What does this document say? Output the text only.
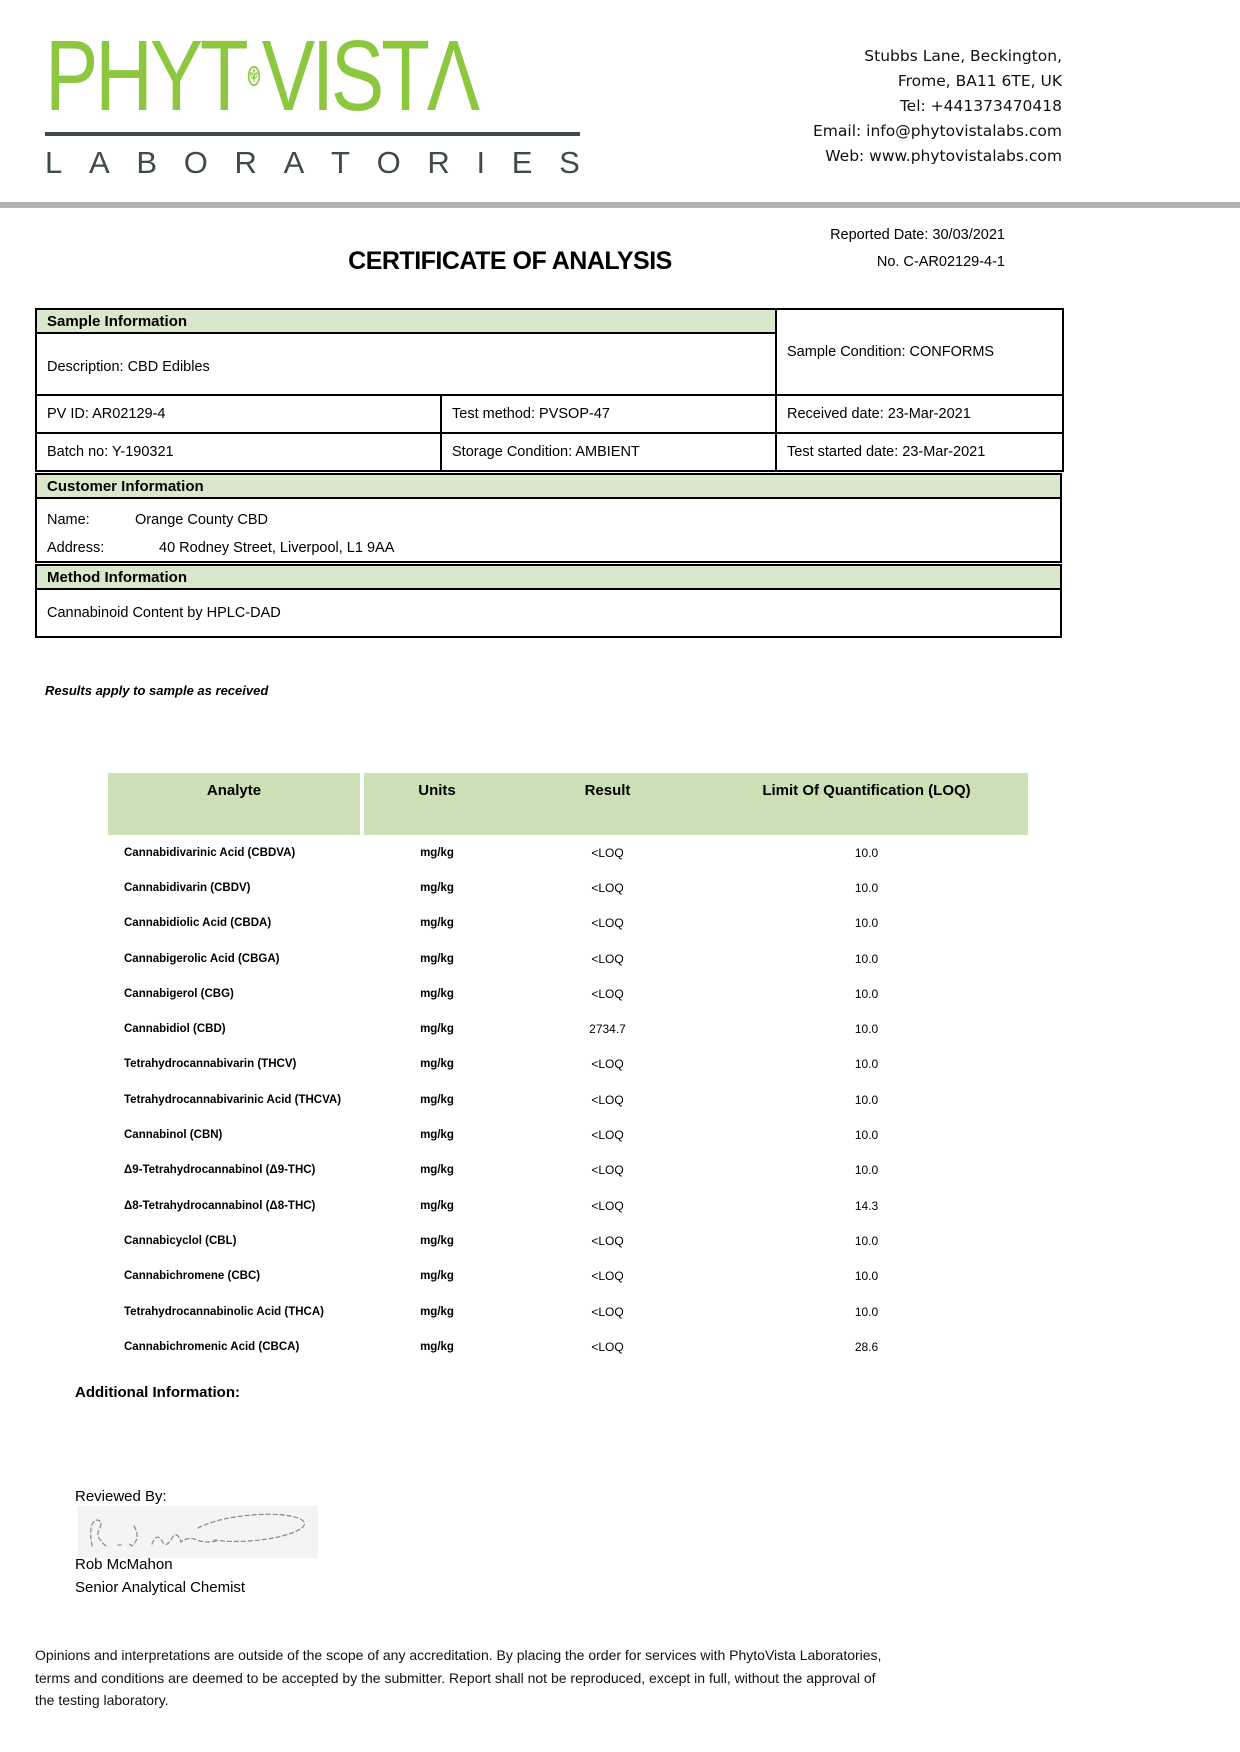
PHYT VIST Λ
L A B O R A T O R I E S
Stubbs Lane, Beckington,
Frome, BA11 6TE, UK
Tel: +441373470418
Email: info@phytovistalabs.com
Web: www.phytovistalabs.com
Reported Date: 30/03/2021
No. C-AR02129-4-1
CERTIFICATE OF ANALYSIS
Sample Information		Sample Condition: CONFORMS
Description: CBD Edibles		
PV ID: AR02129-4	Test method: PVSOP-47	Received date: 23-Mar-2021
Batch no: Y-190321	Storage Condition: AMBIENT	Test started date: 23-Mar-2021
Customer Information

Name:	Orange County CBD
Address:	40 Rodney Street, Liverpool, L1 9AA
Method Information
Cannabinoid Content by HPLC-DAD
Results apply to sample as received
Analyte	Units	Result	Limit Of Quantification (LOQ)
Cannabidivarinic Acid (CBDVA)	mg/kg	<LOQ	10.0
Cannabidivarin (CBDV)	mg/kg	<LOQ	10.0
Cannabidiolic Acid (CBDA)	mg/kg	<LOQ	10.0
Cannabigerolic Acid (CBGA)	mg/kg	<LOQ	10.0
Cannabigerol (CBG)	mg/kg	<LOQ	10.0
Cannabidiol (CBD)	mg/kg	2734.7	10.0
Tetrahydrocannabivarin (THCV)	mg/kg	<LOQ	10.0
Tetrahydrocannabivarinic Acid (THCVA)	mg/kg	<LOQ	10.0
Cannabinol (CBN)	mg/kg	<LOQ	10.0
Δ9-Tetrahydrocannabinol (Δ9-THC)	mg/kg	<LOQ	10.0
Δ8-Tetrahydrocannabinol (Δ8-THC)	mg/kg	<LOQ	14.3
Cannabicyclol (CBL)	mg/kg	<LOQ	10.0
Cannabichromene (CBC)	mg/kg	<LOQ	10.0
Tetrahydrocannabinolic Acid (THCA)	mg/kg	<LOQ	10.0
Cannabichromenic Acid (CBCA)	mg/kg	<LOQ	28.6
Additional Information:
Reviewed By:
Rob McMahon
Senior Analytical Chemist
Opinions and interpretations are outside of the scope of any accreditation. By placing the order for services with PhytoVista Laboratories,
terms and conditions are deemed to be accepted by the submitter. Report shall not be reproduced, except in full, without the approval of
the testing laboratory.
